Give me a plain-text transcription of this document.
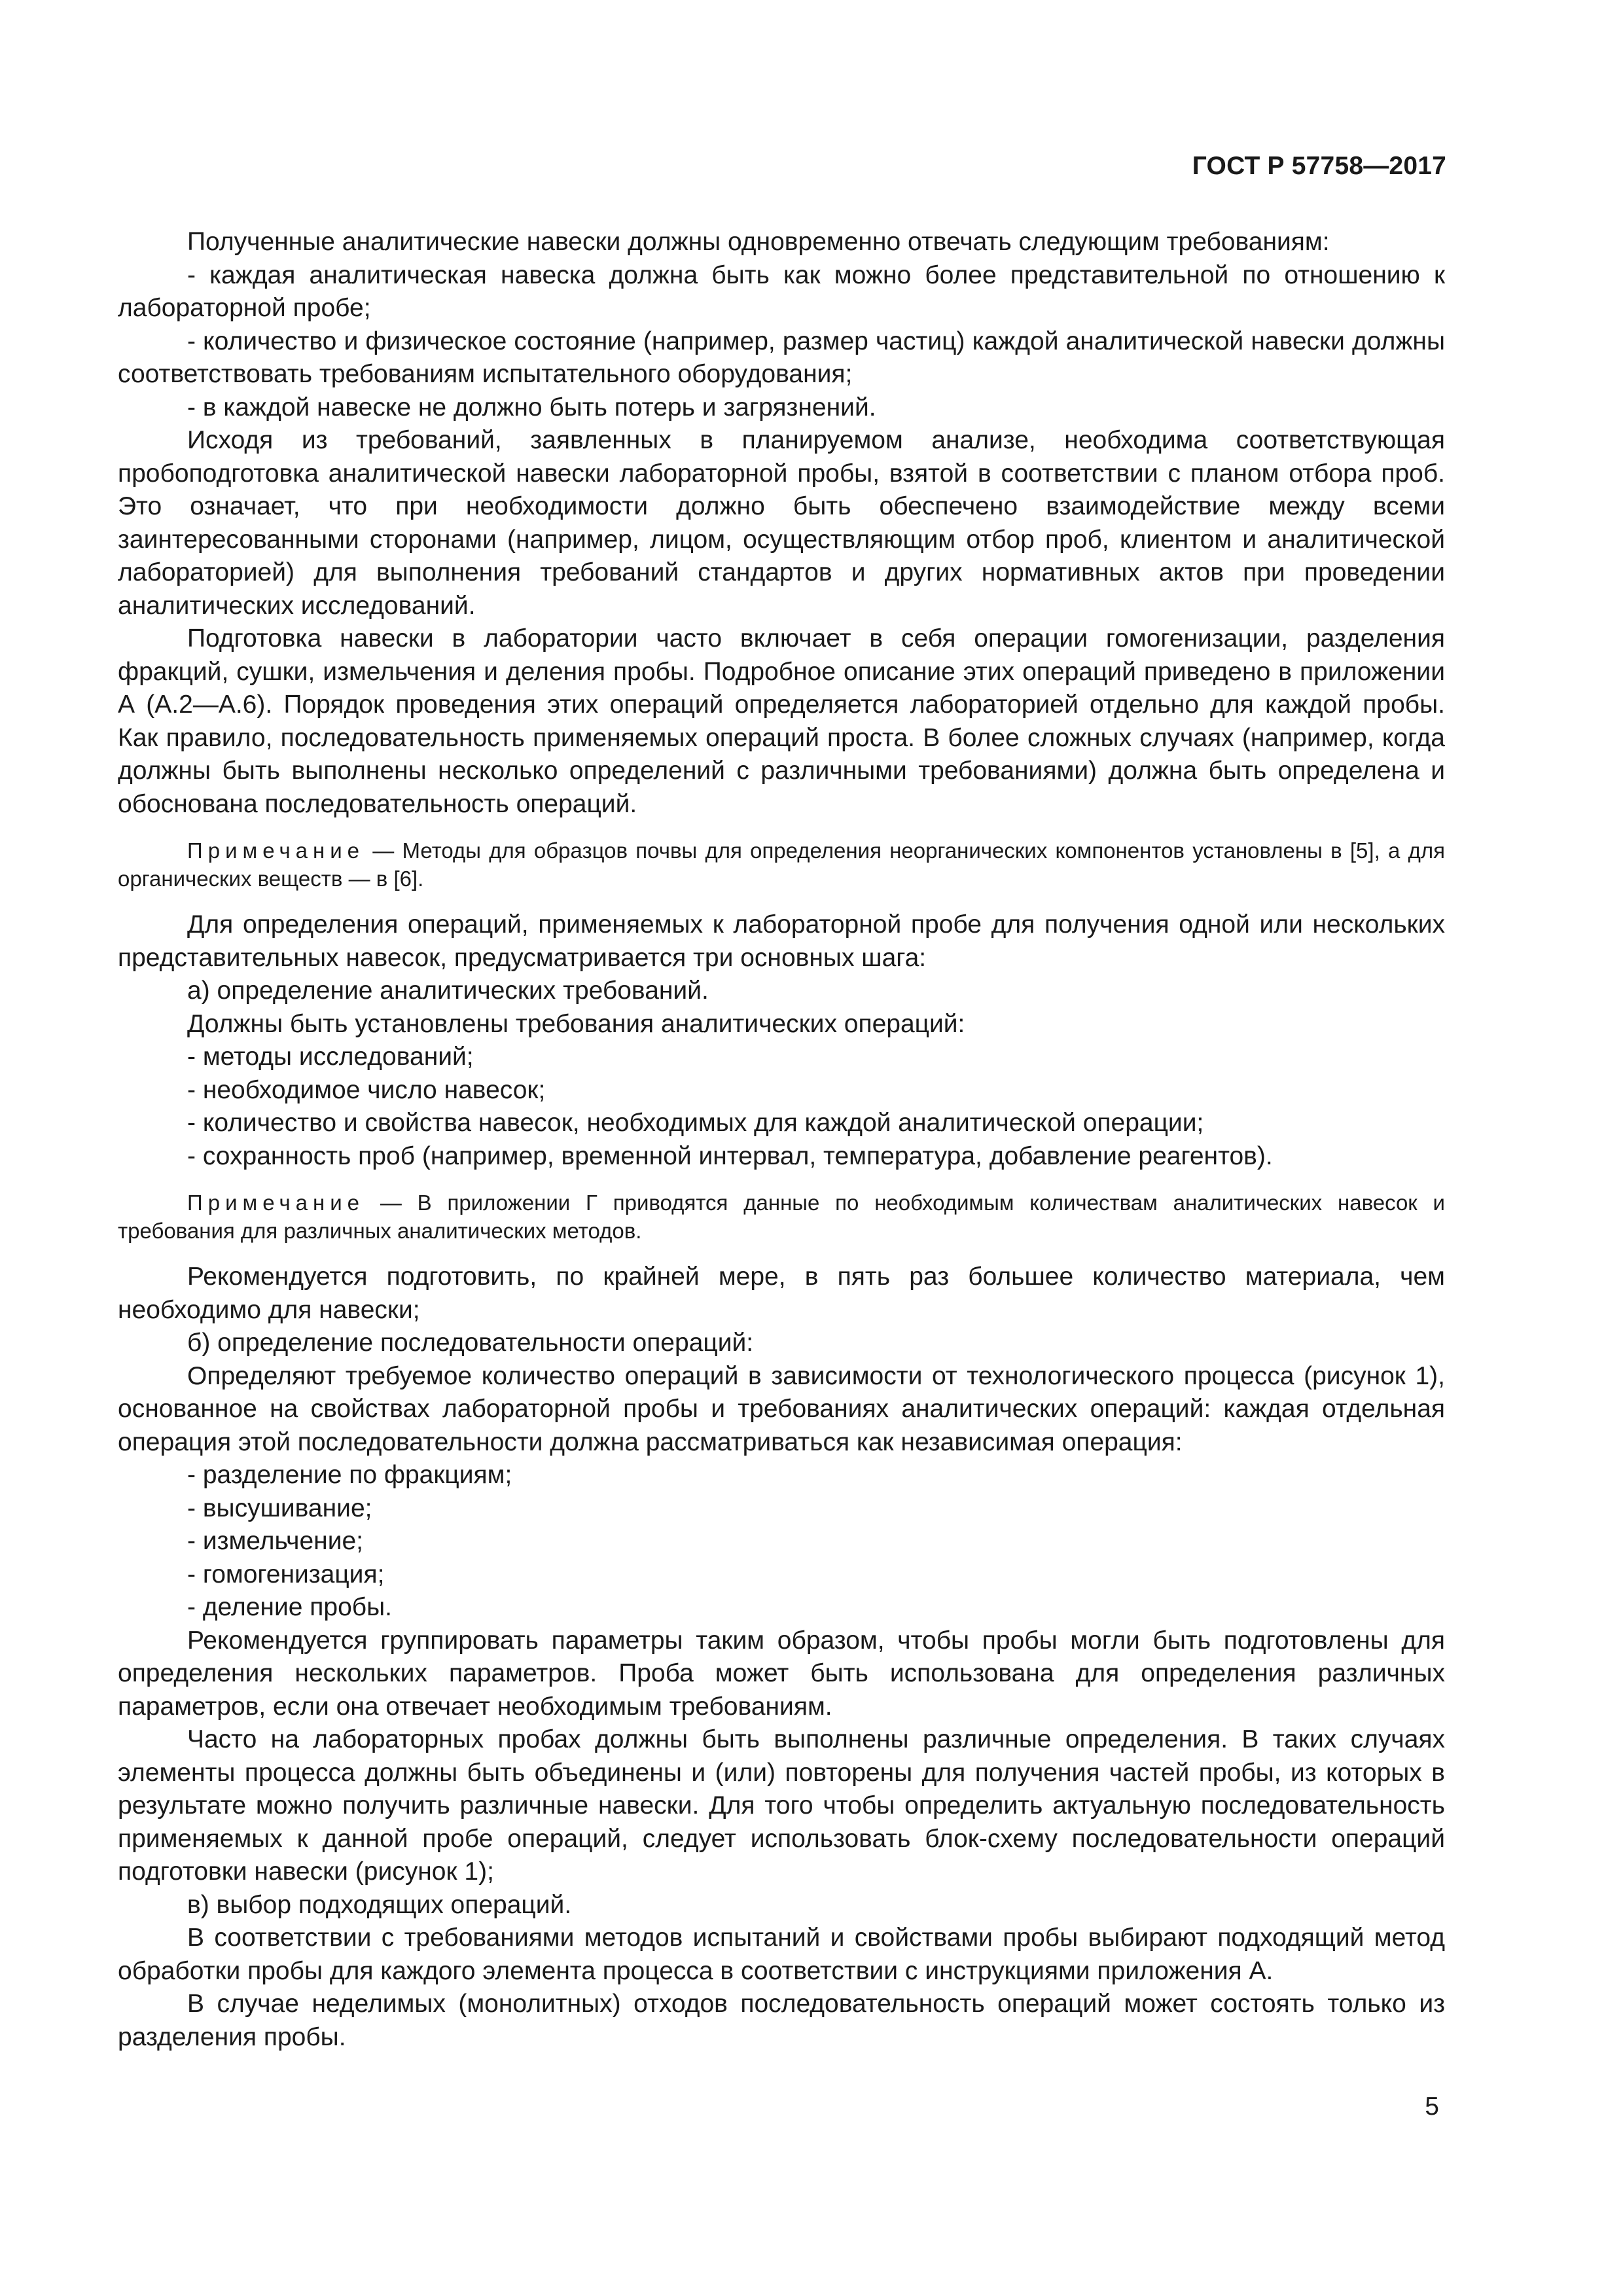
ГОСТ Р 57758—2017

Полученные аналитические навески должны одновременно отвечать следующим требованиям:

- каждая аналитическая навеска должна быть как можно более представительной по отношению к лабораторной пробе;

- количество и физическое состояние (например, размер частиц) каждой аналитической навески должны соответствовать требованиям испытательного оборудования;

- в каждой навеске не должно быть потерь и загрязнений.

Исходя из требований, заявленных в планируемом анализе, необходима соответствующая пробоподготовка аналитической навески лабораторной пробы, взятой в соответствии с планом отбора проб. Это означает, что при необходимости должно быть обеспечено взаимодействие между всеми заинтересованными сторонами (например, лицом, осуществляющим отбор проб, клиентом и аналитической лабораторией) для выполнения требований стандартов и других нормативных актов при проведении аналитических исследований.

Подготовка навески в лаборатории часто включает в себя операции гомогенизации, разделения фракций, сушки, измельчения и деления пробы. Подробное описание этих операций приведено в приложении А (А.2—А.6). Порядок проведения этих операций определяется лабораторией отдельно для каждой пробы. Как правило, последовательность применяемых операций проста. В более сложных случаях (например, когда должны быть выполнены несколько определений с различными требованиями) должна быть определена и обоснована последовательность операций.

Примечание — Методы для образцов почвы для определения неорганических компонентов установлены в [5], а для органических веществ — в [6].

Для определения операций, применяемых к лабораторной пробе для получения одной или нескольких представительных навесок, предусматривается три основных шага:

а) определение аналитических требований.

Должны быть установлены требования аналитических операций:

- методы исследований;

- необходимое число навесок;

- количество и свойства навесок, необходимых для каждой аналитической операции;

- сохранность проб (например, временной интервал, температура, добавление реагентов).

Примечание — В приложении Г приводятся данные по необходимым количествам аналитических навесок и требования для различных аналитических методов.

Рекомендуется подготовить, по крайней мере, в пять раз большее количество материала, чем необходимо для навески;

б) определение последовательности операций:

Определяют требуемое количество операций в зависимости от технологического процесса (рисунок 1), основанное на свойствах лабораторной пробы и требованиях аналитических операций: каждая отдельная операция этой последовательности должна рассматриваться как независимая операция:

- разделение по фракциям;

- высушивание;

- измельчение;

- гомогенизация;

- деление пробы.

Рекомендуется группировать параметры таким образом, чтобы пробы могли быть подготовлены для определения нескольких параметров. Проба может быть использована для определения различных параметров, если она отвечает необходимым требованиям.

Часто на лабораторных пробах должны быть выполнены различные определения. В таких случаях элементы процесса должны быть объединены и (или) повторены для получения частей пробы, из которых в результате можно получить различные навески. Для того чтобы определить актуальную последовательность применяемых к данной пробе операций, следует использовать блок-схему последовательности операций подготовки навески (рисунок 1);

в) выбор подходящих операций.

В соответствии с требованиями методов испытаний и свойствами пробы выбирают подходящий метод обработки пробы для каждого элемента процесса в соответствии с инструкциями приложения А.

В случае неделимых (монолитных) отходов последовательность операций может состоять только из разделения пробы.

5
